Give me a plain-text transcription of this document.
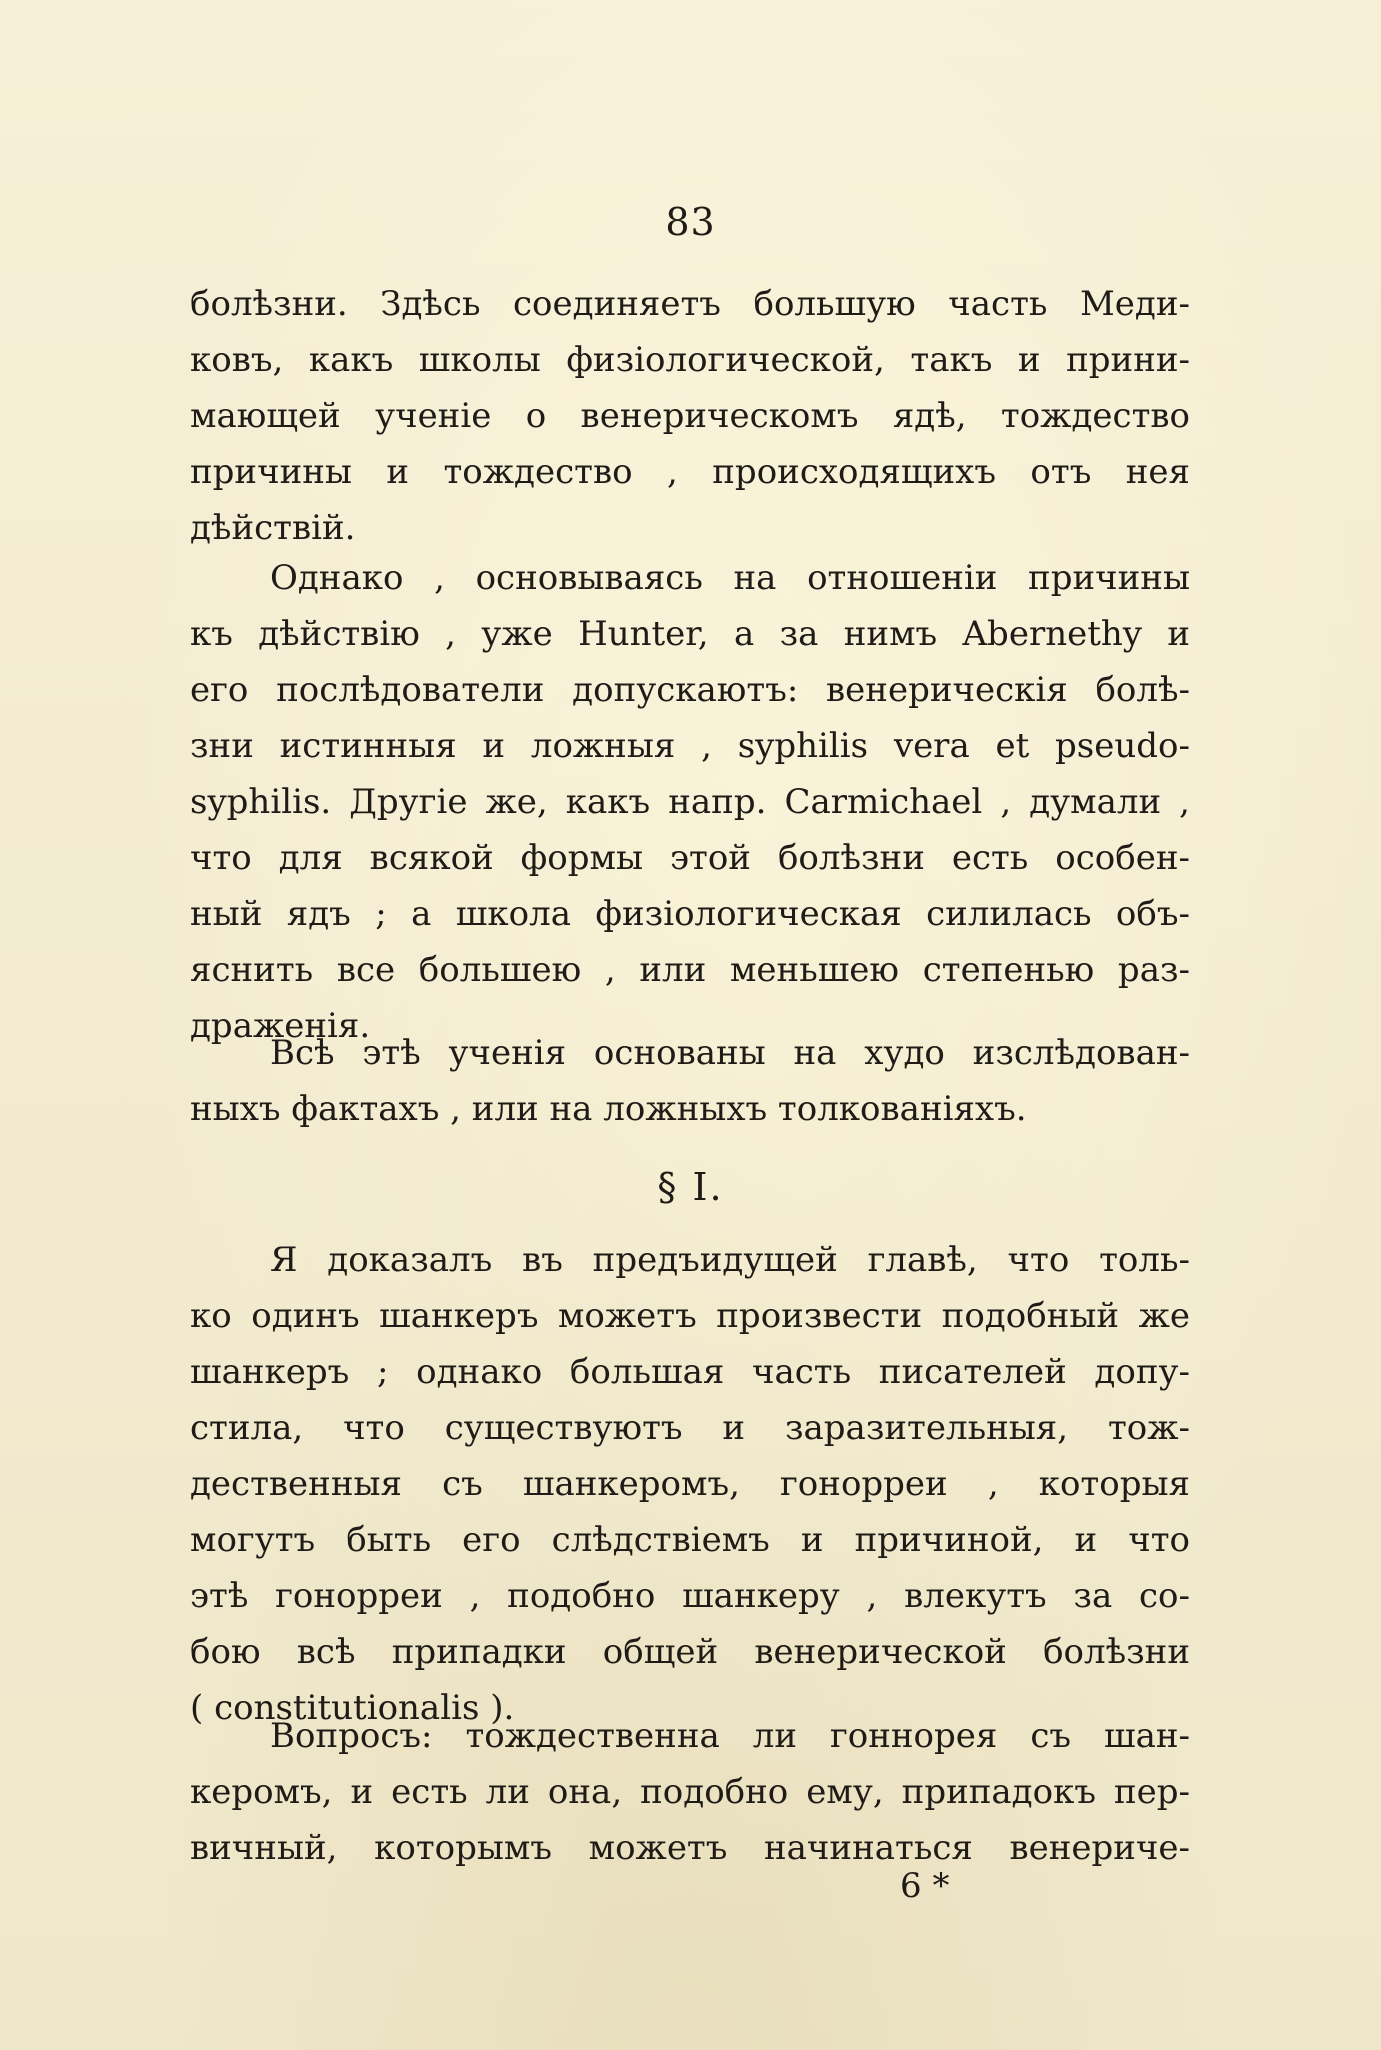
83
болѣзни. Здѣсь соединяетъ большую часть Меди-
ковъ, какъ школы физіологической, такъ и прини-
мающей ученіе о венерическомъ ядѣ, тождество
причины и тождество , происходящихъ отъ нея
дѣйствій.
Однако , основываясь на отношеніи причины
къ дѣйствію , уже Hunter, а за нимъ Abernethy и
его послѣдователи допускаютъ: венерическія болѣ-
зни истинныя и ложныя , syphilis vera et pseudo-
syphilis. Другіе же, какъ напр. Carmichael , думали ,
что для всякой формы этой болѣзни есть особен-
ный ядъ ; а школа физіологическая силилась объ-
яснить все большею , или меньшею степенью раз-
драженія.
Всѣ этѣ ученія основаны на худо изслѣдован-
ныхъ фактахъ , или на ложныхъ толкованіяхъ.
§ I.
Я доказалъ въ предъидущей главѣ, что толь-
ко одинъ шанкеръ можетъ произвести подобный же
шанкеръ ; однако большая часть писателей допу-
стила, что существуютъ и заразительныя, тож-
дественныя съ шанкеромъ, гонорреи , которыя
могутъ быть его слѣдствіемъ и причиной, и что
этѣ гонорреи , подобно шанкеру , влекутъ за со-
бою всѣ припадки общей венерической болѣзни
( constitutionalis ).
Вопросъ: тождественна ли гоннорея съ шан-
керомъ, и есть ли она, подобно ему, припадокъ пер-
вичный, которымъ можетъ начинаться венериче-
6 *
